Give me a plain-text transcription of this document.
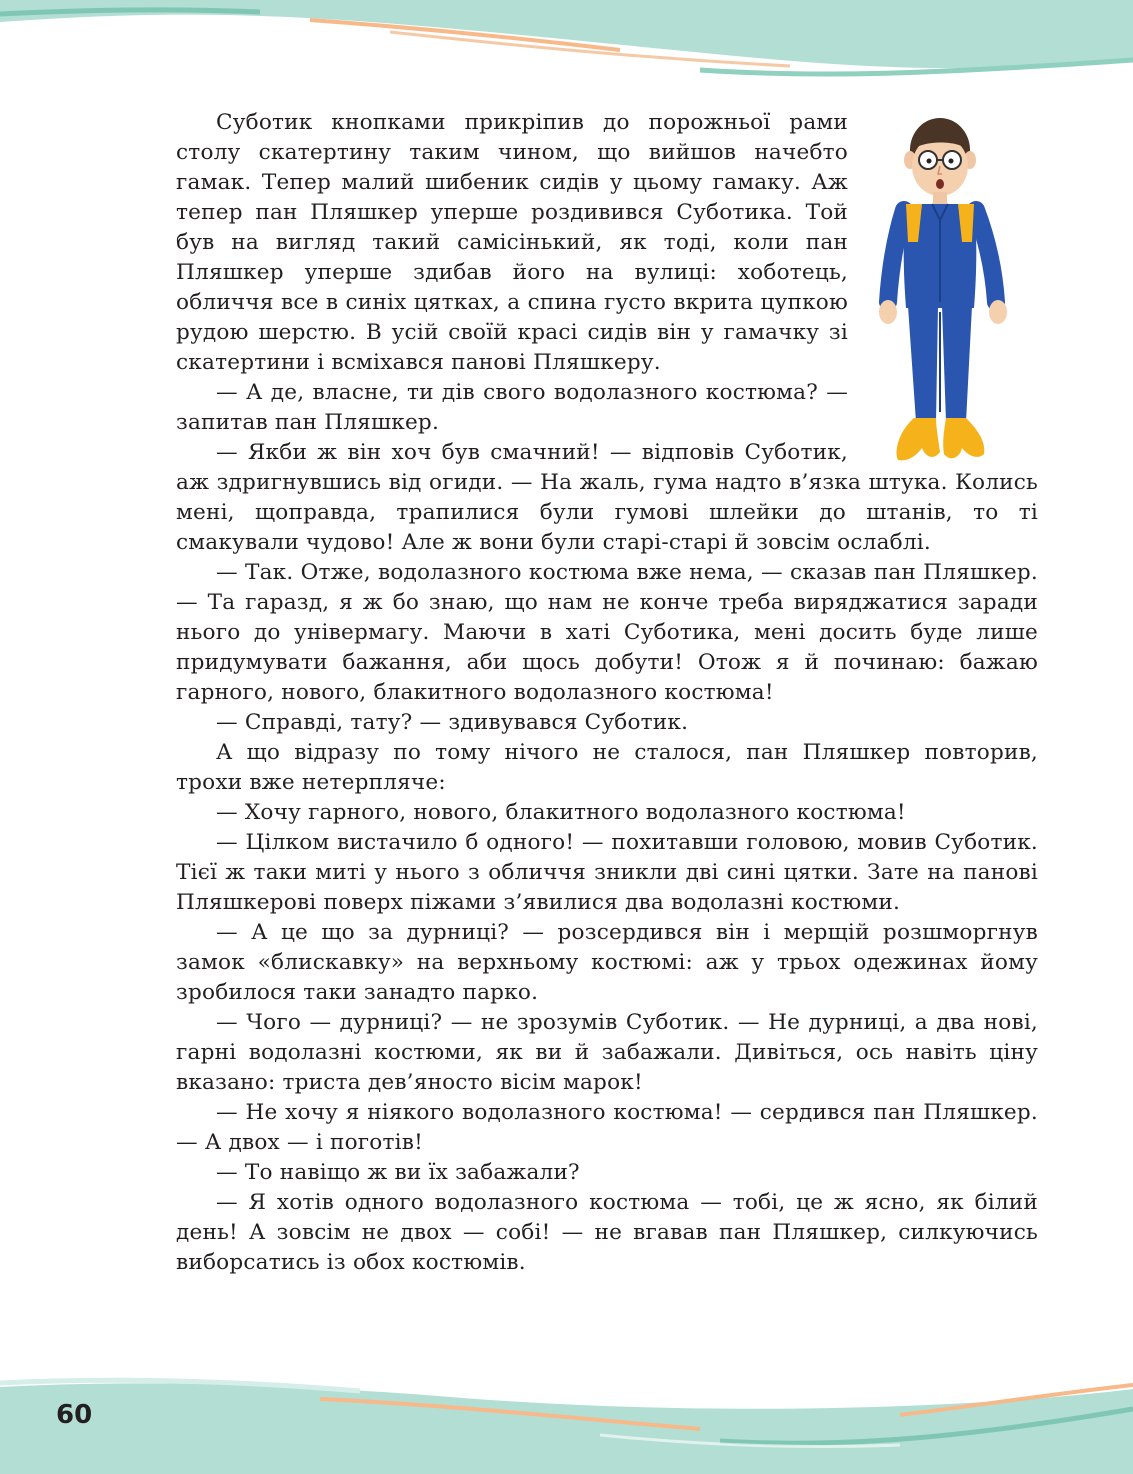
Суботик кнопками прикріпив до порожньої рами столу скатертину таким чином, що вийшов начебто гамак. Тепер малий шибеник сидів у цьому гамаку. Аж тепер пан Пляшкер уперше роздивився Суботика. Той був на вигляд такий самісінький, як тоді, коли пан Пляшкер уперше здибав його на вулиці: хоботець, обличчя все в синіх цятках, а спина густо вкрита цупкою рудою шерстю. В усій своїй красі сидів він у гамачку зі скатертини і всміхався панові Пляшкеру.

— А де, власне, ти дів свого водолазного костюма? — запитав пан Пляшкер.

— Якби ж він хоч був смачний! — відповів Суботик, аж здригнувшись від огиди. — На жаль, гума надто в’язка штука. Колись мені, щоправда, трапилися були гумові шлейки до штанів, то ті смакували чудово! Але ж вони були старі-старі й зовсім ослаблі.

— Так. Отже, водолазного костюма вже нема, — сказав пан Пляшкер. — Та гаразд, я ж бо знаю, що нам не конче треба виряджатися заради нього до універмагу. Маючи в хаті Суботика, мені досить буде лише придумувати бажання, аби щось добути! Отож я й починаю: бажаю гарного, нового, блакитного водолазного костюма!

— Справді, тату? — здивувався Суботик.

А що відразу по тому нічого не сталося, пан Пляшкер повторив, трохи вже нетерпляче:

— Хочу гарного, нового, блакитного водолазного костюма!

— Цілком вистачило б одного! — похитавши головою, мовив Суботик. Тієї ж таки миті у нього з обличчя зникли дві сині цятки. Зате на панові Пляшкерові поверх піжами з’явилися два водолазні костюми.

— А це що за дурниці? — розсердився він і мерщій розшморгнув замок «блискавку» на верхньому костюмі: аж у трьох одежинах йому зробилося таки занадто парко.

— Чого — дурниці? — не зрозумів Суботик. — Не дурниці, а два нові, гарні водолазні костюми, як ви й забажали. Дивіться, ось навіть ціну вказано: триста дев’яносто вісім марок!

— Не хочу я ніякого водолазного костюма! — сердився пан Пляшкер. — А двох — і поготів!

— То навіщо ж ви їх забажали?

— Я хотів одного водолазного костюма — тобі, це ж ясно, як білий день! А зовсім не двох — собі! — не вгавав пан Пляшкер, силкуючись виборсатись із обох костюмів.

60
